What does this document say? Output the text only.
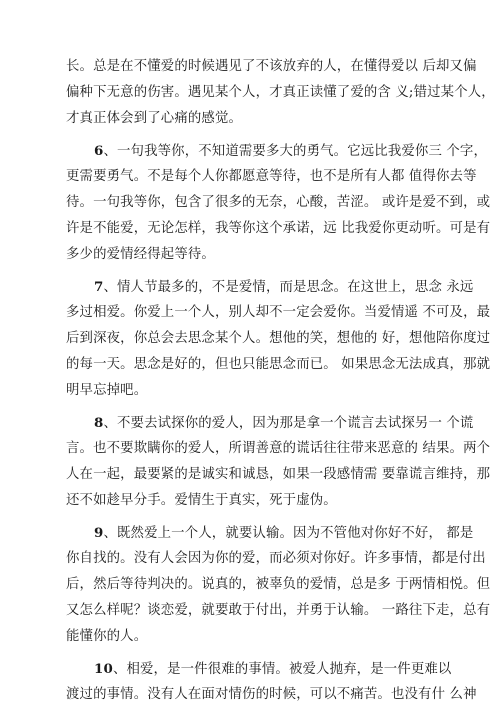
长。总是在不懂爱的时候遇见了不该放弃的人，在懂得爱以 后却又偏
偏种下无意的伤害。遇见某个人，才真正读懂了爱的含 义;错过某个人，
才真正体会到了心痛的感觉。
6、一句我等你，不知道需要多大的勇气。它远比我爱你三 个字，
更需要勇气。不是每个人你都愿意等待，也不是所有人都 值得你去等
待。一句我等你，包含了很多的无奈，心酸，苦涩。 或许是爱不到，或
许是不能爱，无论怎样，我等你这个承诺，远 比我爱你更动听。可是有
多少的爱情经得起等待。
7、情人节最多的，不是爱情，而是思念。在这世上，思念 永远
多过相爱。你爱上一个人，别人却不一定会爱你。当爱情遥 不可及，最
后到深夜，你总会去思念某个人。想他的笑，想他的 好，想他陪你度过
的每一天。思念是好的，但也只能思念而已。 如果思念无法成真，那就
明早忘掉吧。
8、不要去试探你的爱人，因为那是拿一个谎言去试探另一 个谎
言。也不要欺瞒你的爱人，所谓善意的谎话往往带来恶意的 结果。两个
人在一起，最要紧的是诚实和诚恳，如果一段感情需 要靠谎言维持，那
还不如趁早分手。爱情生于真实，死于虚伪。
9、既然爱上一个人，就要认输。因为不管他对你好不好， 都是
你自找的。没有人会因为你的爱，而必须对你好。许多事情，都是付出
后，然后等待判决的。说真的，被辜负的爱情，总是多 于两情相悦。但
又怎么样呢？谈恋爱，就要敢于付出，并勇于认输。 一路往下走，总有
能懂你的人。
10、相爱，是一件很难的事情。被爱人抛弃，是一件更难以
渡过的事情。没有人在面对情伤的时候，可以不痛苦。也没有什 么神
